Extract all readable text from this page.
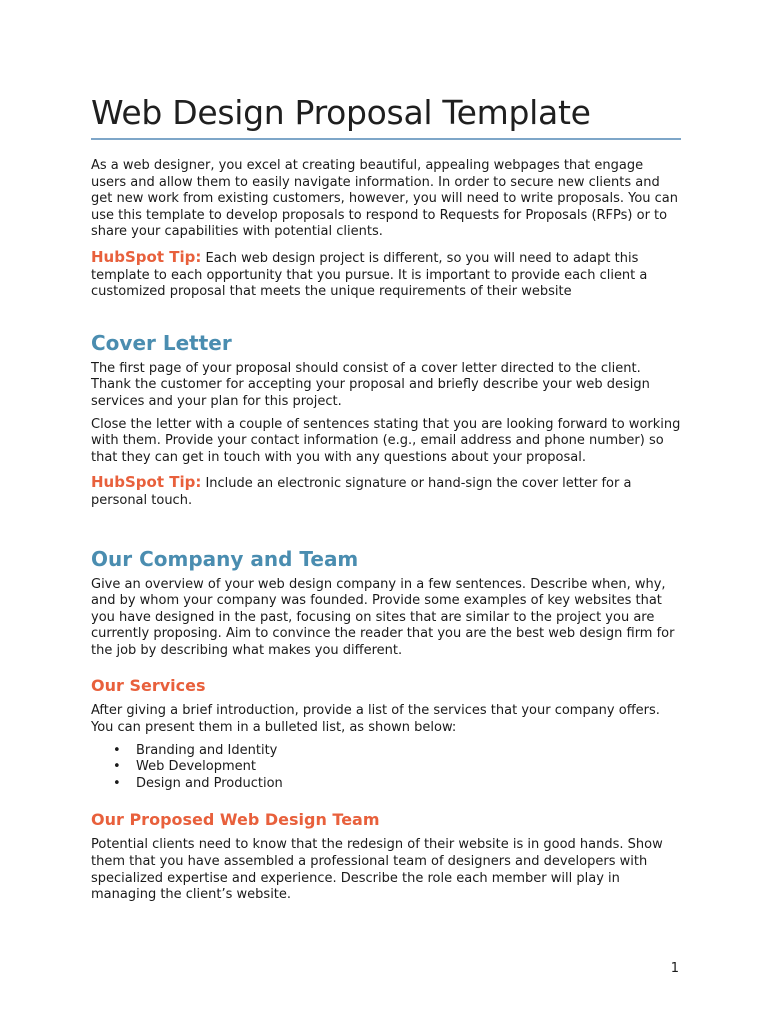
Web Design Proposal Template

As a web designer, you excel at creating beautiful, appealing webpages that engage users and allow them to easily navigate information. In order to secure new clients and get new work from existing customers, however, you will need to write proposals. You can use this template to develop proposals to respond to Requests for Proposals (RFPs) or to share your capabilities with potential clients.

HubSpot Tip: Each web design project is different, so you will need to adapt this template to each opportunity that you pursue. It is important to provide each client a customized proposal that meets the unique requirements of their website

Cover Letter

The first page of your proposal should consist of a cover letter directed to the client. Thank the customer for accepting your proposal and briefly describe your web design services and your plan for this project.

Close the letter with a couple of sentences stating that you are looking forward to working with them. Provide your contact information (e.g., email address and phone number) so that they can get in touch with you with any questions about your proposal.

HubSpot Tip: Include an electronic signature or hand-sign the cover letter for a personal touch.

Our Company and Team

Give an overview of your web design company in a few sentences. Describe when, why, and by whom your company was founded. Provide some examples of key websites that you have designed in the past, focusing on sites that are similar to the project you are currently proposing. Aim to convince the reader that you are the best web design firm for the job by describing what makes you different.

Our Services

After giving a brief introduction, provide a list of the services that your company offers. You can present them in a bulleted list, as shown below:

• Branding and Identity
• Web Development
• Design and Production
Our Proposed Web Design Team

Potential clients need to know that the redesign of their website is in good hands. Show them that you have assembled a professional team of designers and developers with specialized expertise and experience. Describe the role each member will play in managing the client’s website.

1
